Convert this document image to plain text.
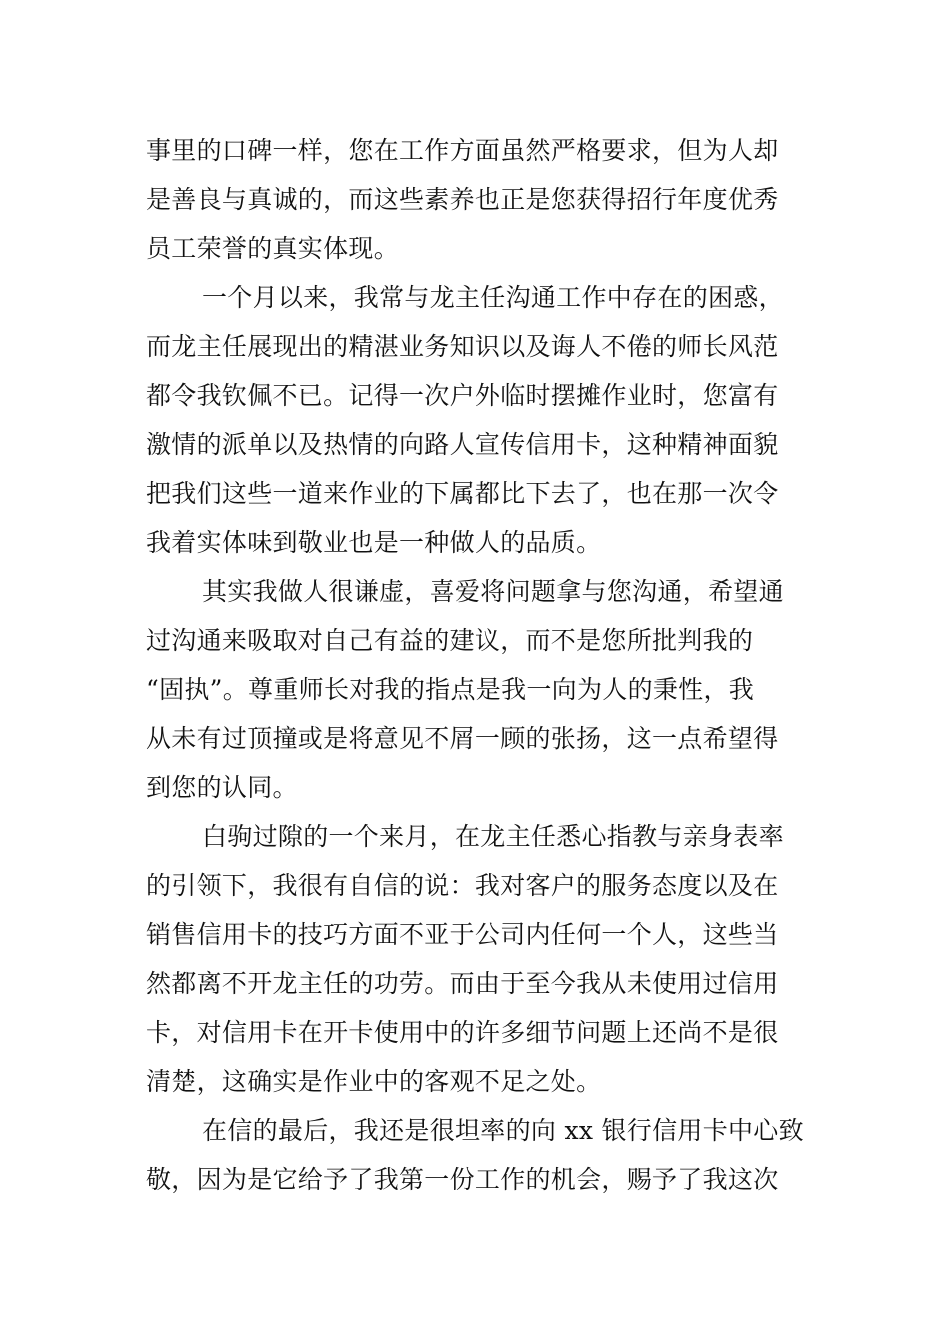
事里的口碑一样，您在工作方面虽然严格要求，但为人却
是善良与真诚的，而这些素养也正是您获得招行年度优秀
员工荣誉的真实体现。
一个月以来，我常与龙主任沟通工作中存在的困惑，
而龙主任展现出的精湛业务知识以及诲人不倦的师长风范
都令我钦佩不已。记得一次户外临时摆摊作业时，您富有
激情的派单以及热情的向路人宣传信用卡，这种精神面貌
把我们这些一道来作业的下属都比下去了，也在那一次令
我着实体味到敬业也是一种做人的品质。
其实我做人很谦虚，喜爱将问题拿与您沟通，希望通
过沟通来吸取对自己有益的建议，而不是您所批判我的
“固执”。尊重师长对我的指点是我一向为人的秉性，我
从未有过顶撞或是将意见不屑一顾的张扬，这一点希望得
到您的认同。
白驹过隙的一个来月，在龙主任悉心指教与亲身表率
的引领下，我很有自信的说：我对客户的服务态度以及在
销售信用卡的技巧方面不亚于公司内任何一个人，这些当
然都离不开龙主任的功劳。而由于至今我从未使用过信用
卡，对信用卡在开卡使用中的许多细节问题上还尚不是很
清楚，这确实是作业中的客观不足之处。
在信的最后，我还是很坦率的向 xx 银行信用卡中心致
敬，因为是它给予了我第一份工作的机会，赐予了我这次
